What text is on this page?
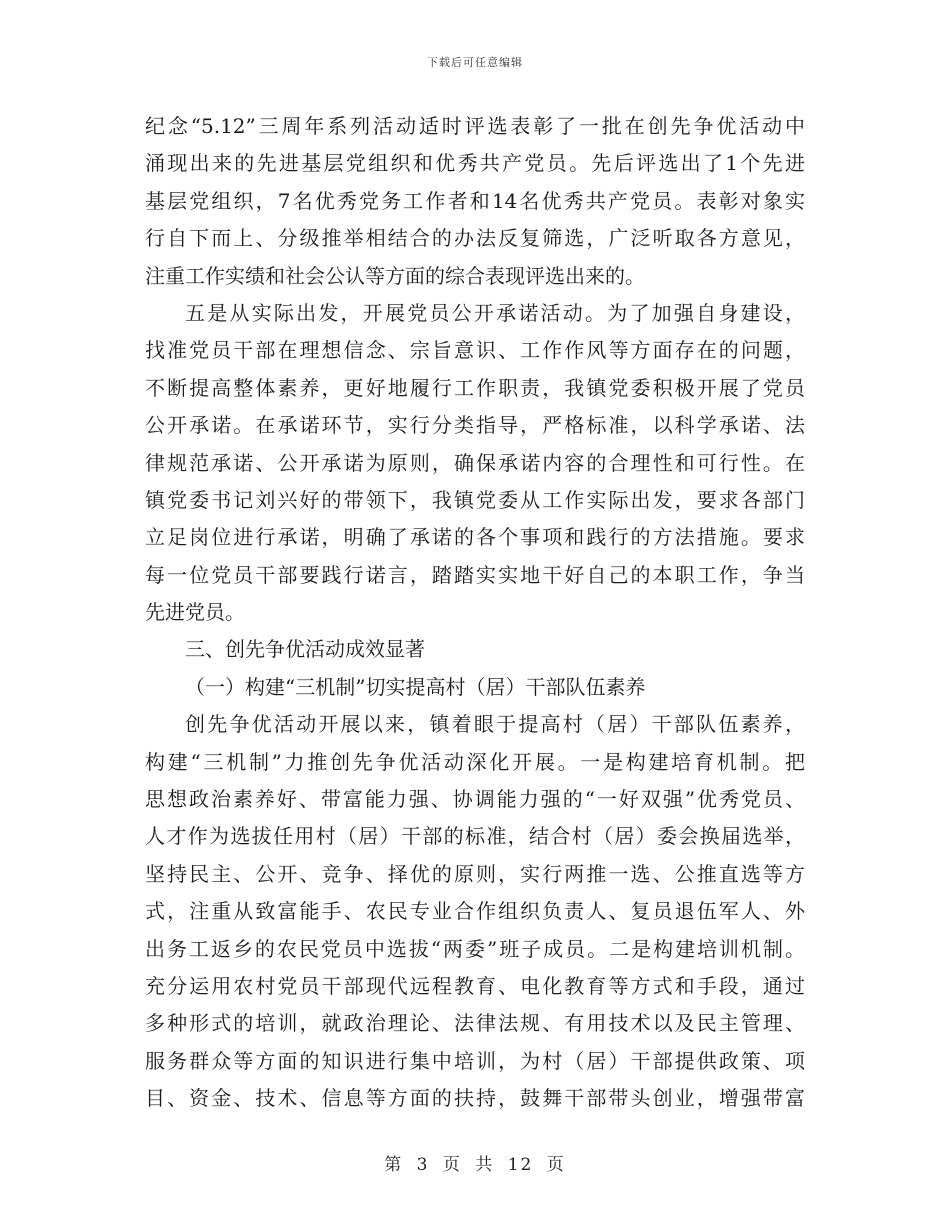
下载后可任意编辑
纪念“5.12”三周年系列活动适时评选表彰了一批在创先争优活动中
涌现出来的先进基层党组织和优秀共产党员。先后评选出了1个先进
基层党组织，7名优秀党务工作者和14名优秀共产党员。表彰对象实
行自下而上、分级推举相结合的办法反复筛选，广泛听取各方意见，
注重工作实绩和社会公认等方面的综合表现评选出来的。
五是从实际出发，开展党员公开承诺活动。为了加强自身建设，
找准党员干部在理想信念、宗旨意识、工作作风等方面存在的问题，
不断提高整体素养，更好地履行工作职责，我镇党委积极开展了党员
公开承诺。在承诺环节，实行分类指导，严格标准，以科学承诺、法
律规范承诺、公开承诺为原则，确保承诺内容的合理性和可行性。在
镇党委书记刘兴好的带领下，我镇党委从工作实际出发，要求各部门
立足岗位进行承诺，明确了承诺的各个事项和践行的方法措施。要求
每一位党员干部要践行诺言，踏踏实实地干好自己的本职工作，争当
先进党员。
三、创先争优活动成效显著
（一）构建“三机制”切实提高村（居）干部队伍素养
创先争优活动开展以来，镇着眼于提高村（居）干部队伍素养，
构建“三机制”力推创先争优活动深化开展。一是构建培育机制。把
思想政治素养好、带富能力强、协调能力强的“一好双强”优秀党员、
人才作为选拔任用村（居）干部的标准，结合村（居）委会换届选举，
坚持民主、公开、竞争、择优的原则，实行两推一选、公推直选等方
式，注重从致富能手、农民专业合作组织负责人、复员退伍军人、外
出务工返乡的农民党员中选拔“两委”班子成员。二是构建培训机制。
充分运用农村党员干部现代远程教育、电化教育等方式和手段，通过
多种形式的培训，就政治理论、法律法规、有用技术以及民主管理、
服务群众等方面的知识进行集中培训，为村（居）干部提供政策、项
目、资金、技术、信息等方面的扶持，鼓舞干部带头创业，增强带富
第 3 页 共 12 页
